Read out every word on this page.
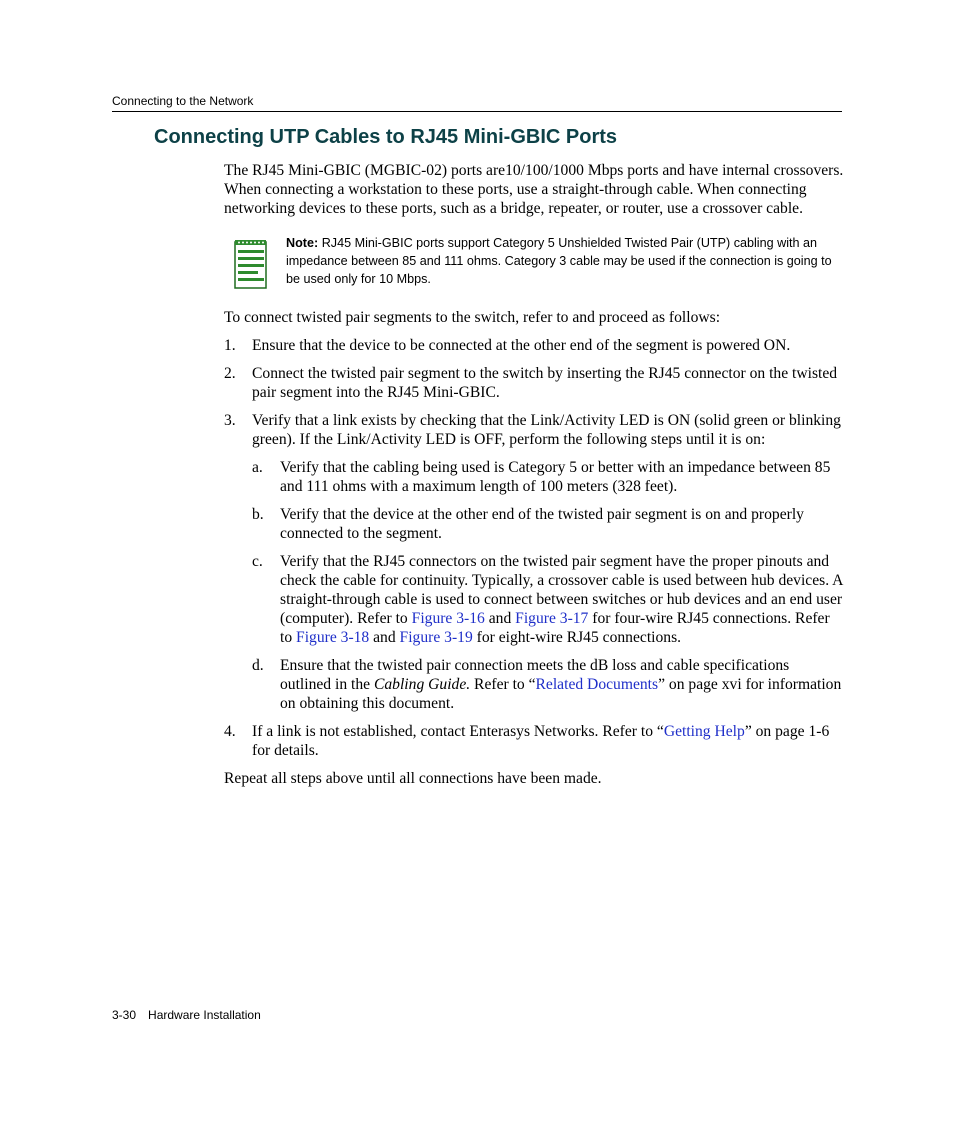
Connecting to the Network
Connecting UTP Cables to RJ45 Mini-GBIC Ports

The RJ45 Mini-GBIC (MGBIC-02) ports are10/100/1000 Mbps ports and have internal crossovers. When connecting a workstation to these ports, use a straight-through cable. When connecting networking devices to these ports, such as a bridge, repeater, or router, use a crossover cable.

Note: RJ45 Mini-GBIC ports support Category 5 Unshielded Twisted Pair (UTP) cabling with an impedance between 85 and 111 ohms. Category 3 cable may be used if the connection is going to be used only for 10 Mbps.

To connect twisted pair segments to the switch, refer to and proceed as follows:

1. Ensure that the device to be connected at the other end of the segment is powered ON.
2. Connect the twisted pair segment to the switch by inserting the RJ45 connector on the twisted pair segment into the RJ45 Mini-GBIC.
3. Verify that a link exists by checking that the Link/Activity LED is ON (solid green or blinking green). If the Link/Activity LED is OFF, perform the following steps until it is on:
a. Verify that the cabling being used is Category 5 or better with an impedance between 85 and 111 ohms with a maximum length of 100 meters (328 feet).
b. Verify that the device at the other end of the twisted pair segment is on and properly connected to the segment.
c. Verify that the RJ45 connectors on the twisted pair segment have the proper pinouts and check the cable for continuity. Typically, a crossover cable is used between hub devices. A straight-through cable is used to connect between switches or hub devices and an end user (computer). Refer to Figure 3-16 and Figure 3-17 for four-wire RJ45 connections. Refer to Figure 3-18 and Figure 3-19 for eight-wire RJ45 connections.
d. Ensure that the twisted pair connection meets the dB loss and cable specifications outlined in the Cabling Guide. Refer to “Related Documents” on page xvi for information on obtaining this document.
4. If a link is not established, contact Enterasys Networks. Refer to “Getting Help” on page 1-6 for details.

Repeat all steps above until all connections have been made.

3-30 Hardware Installation
